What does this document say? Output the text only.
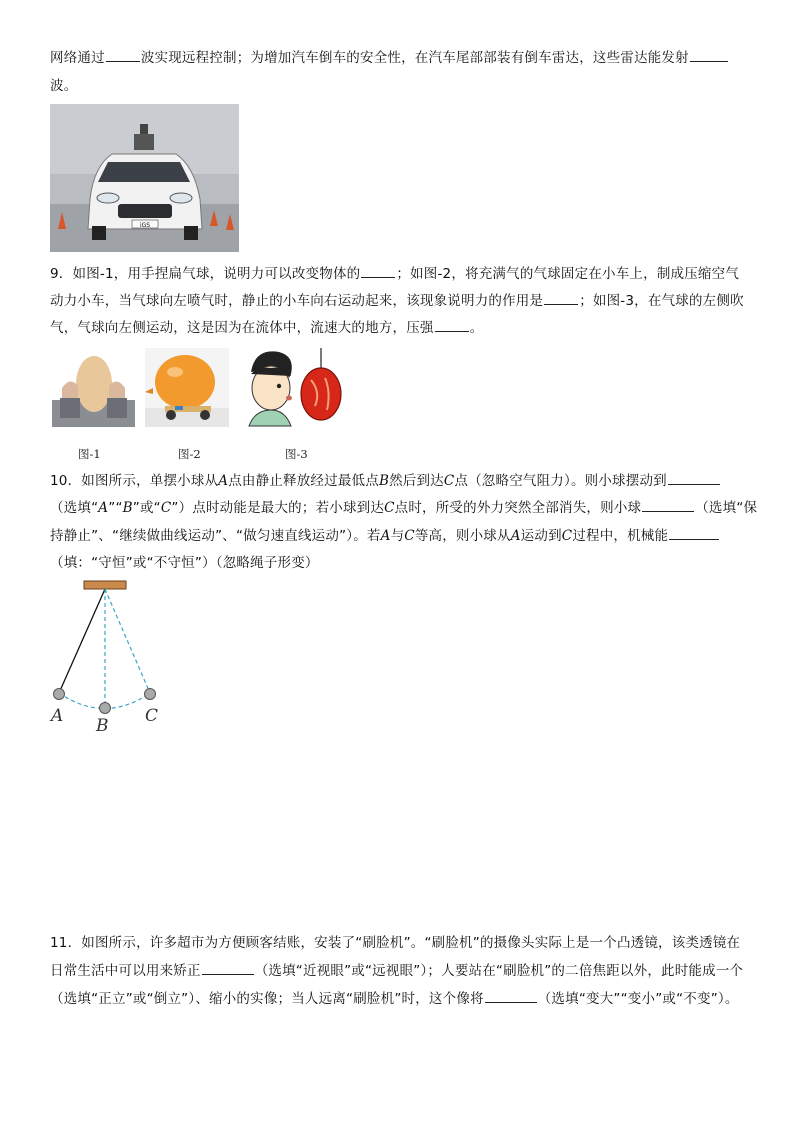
网络通过	波实现远程控制；为增加汽车倒车的安全性，在汽车尾部部装有倒车雷达，这些雷达能发射
波。
iGS
9．如图-1，用手捏扁气球，说明力可以改变物体的	；如图-2，将充满气的气球固定在小车上，制成压缩空气
动力小车，当气球向左喷气时，静止的小车向右运动起来，该现象说明力的作用是	；如图-3，在气球的左侧吹
气，气球向左侧运动，这是因为在流体中，流速大的地方，压强	。
图-1	图-2	图-3
10．如图所示，单摆小球从A点由静止释放经过最低点B然后到达C点（忽略空气阻力）。则小球摆动到
（选填“A”“B”或“C”）点时动能是最大的；若小球到达C点时，所受的外力突然全部消失，则小球	（选填“保
持静止”、“继续做曲线运动”、“做匀速直线运动”）。若A与C等高，则小球从A运动到C过程中，机械能
（填：“守恒”或“不守恒”）（忽略绳子形变）
A B C
11．如图所示，许多超市为方便顾客结账，安装了“刷脸机”。“刷脸机”的摄像头实际上是一个凸透镜，该类透镜在
日常生活中可以用来矫正	（选填“近视眼”或“远视眼”）；人要站在“刷脸机”的二倍焦距以外，此时能成一个
（选填“正立”或“倒立”）、缩小的实像；当人远离“刷脸机”时，这个像将	（选填“变大”“变小”或“不变”）。
